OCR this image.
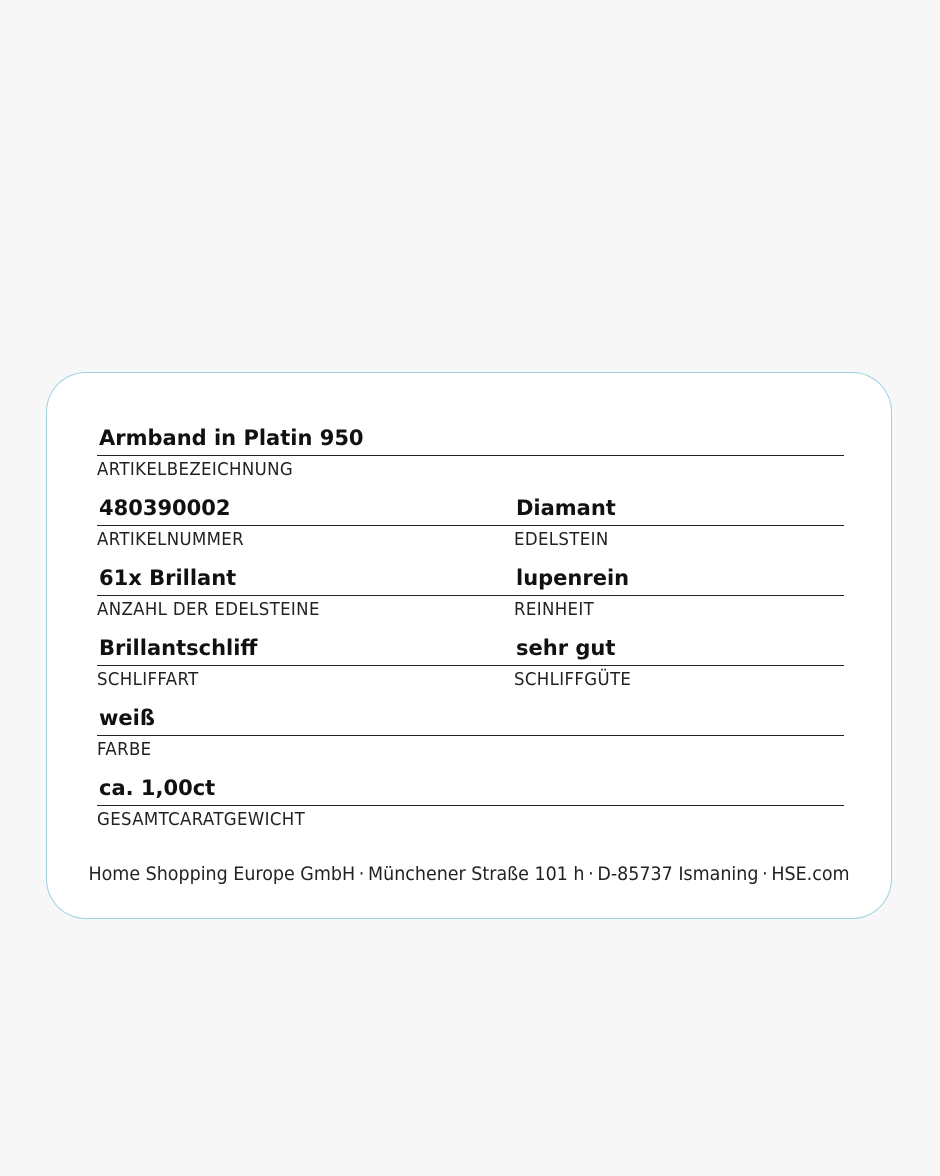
Armband in Platin 950
ARTIKELBEZEICHNUNG
480390002
ARTIKELNUMMER
Diamant
EDELSTEIN
61x Brillant
ANZAHL DER EDELSTEINE
lupenrein
REINHEIT
Brillantschliff
SCHLIFFART
sehr gut
SCHLIFFGÜTE
weiß
FARBE
ca. 1,00ct
GESAMTCARATGEWICHT
Home Shopping Europe GmbH · Münchener Straße 101 h · D-85737 Ismaning · HSE.com
